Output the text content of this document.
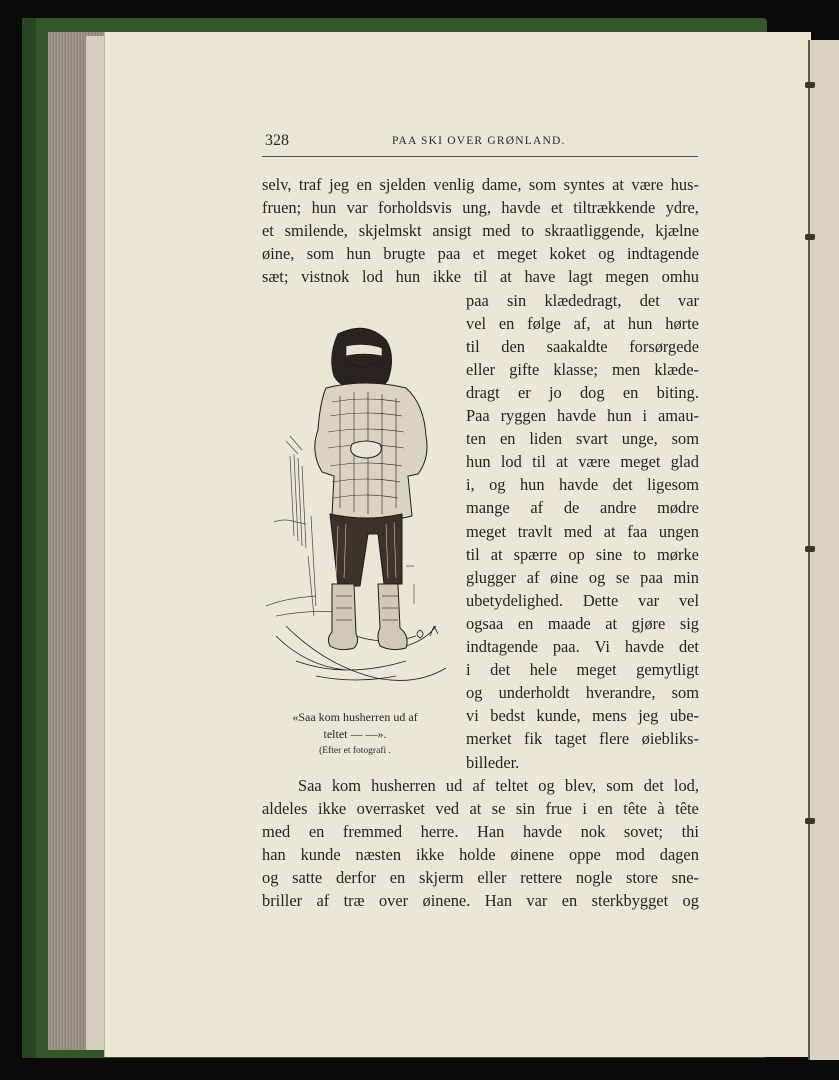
328	PAA SKI OVER GRØNLAND.
«Saa kom husherren ud af
teltet — —».
(Efter et fotografi .
selv, traf jeg en sjelden venlig dame, som syntes at være hus-
fruen; hun var forholdsvis ung, havde et tiltrækkende ydre,
et smilende, skjelmskt ansigt med to skraatliggende, kjælne
øine, som hun brugte paa et meget koket og indtagende
sæt; vistnok lod hun ikke til at have lagt megen omhu
paa sin klædedragt, det var
vel en følge af, at hun hørte
til den saakaldte forsørgede
eller gifte klasse; men klæde-
dragt er jo dog en biting.
Paa ryggen havde hun i amau-
ten en liden svart unge, som
hun lod til at være meget glad
i, og hun havde det ligesom
mange af de andre mødre
meget travlt med at faa ungen
til at spærre op sine to mørke
glugger af øine og se paa min
ubetydelighed. Dette var vel
ogsaa en maade at gjøre sig
indtagende paa. Vi havde det
i det hele meget gemytligt
og underholdt hverandre, som
vi bedst kunde, mens jeg ube-
merket fik taget flere øiebliks-
billeder.
Saa kom husherren ud af teltet og blev, som det lod,
aldeles ikke overrasket ved at se sin frue i en tête à tête
med en fremmed herre. Han havde nok sovet; thi
han kunde næsten ikke holde øinene oppe mod dagen
og satte derfor en skjerm eller rettere nogle store sne-
briller af træ over øinene. Han var en sterkbygget og
